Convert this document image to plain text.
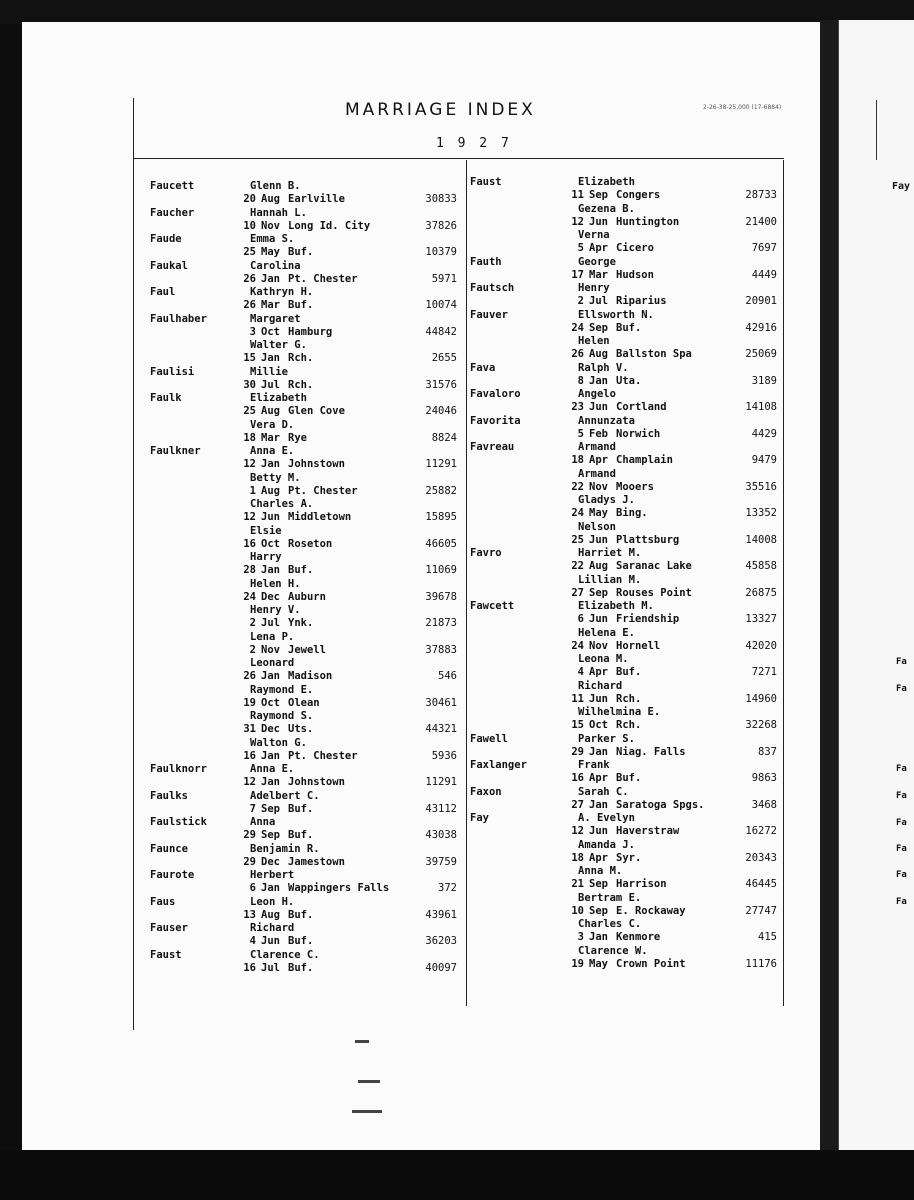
MARRIAGE INDEX	2-26-38-25,000 (17-6884)
1 9 2 7
Faucett	Glenn B.
20 Aug Earlville	30833
Faucher	Hannah L.
10 Nov Long Id. City	37826
Faude	Emma S.
25 May Buf.	10379
Faukal	Carolina
26 Jan Pt. Chester	5971
Faul	Kathryn H.
26 Mar Buf.	10074
Faulhaber	Margaret
3 Oct Hamburg	44842
Walter G.
15 Jan Rch.	2655
Faulisi	Millie
30 Jul Rch.	31576
Faulk	Elizabeth
25 Aug Glen Cove	24046
Vera D.
18 Mar Rye	8824
Faulkner	Anna E.
12 Jan Johnstown	11291
Betty M.
1 Aug Pt. Chester	25882
Charles A.
12 Jun Middletown	15895
Elsie
16 Oct Roseton	46605
Harry
28 Jan Buf.	11069
Helen H.
24 Dec Auburn	39678
Henry V.
2 Jul Ynk.	21873
Lena P.
2 Nov Jewell	37883
Leonard
26 Jan Madison	546
Raymond E.
19 Oct Olean	30461
Raymond S.
31 Dec Uts.	44321
Walton G.
16 Jan Pt. Chester	5936
Faulknorr	Anna E.
12 Jan Johnstown	11291
Faulks	Adelbert C.
7 Sep Buf.	43112
Faulstick	Anna
29 Sep Buf.	43038
Faunce	Benjamin R.
29 Dec Jamestown	39759
Faurote	Herbert
6 Jan Wappingers Falls	372
Faus	Leon H.
13 Aug Buf.	43961
Fauser	Richard
4 Jun Buf.	36203
Faust	Clarence C.
16 Jul Buf.	40097
Faust	Elizabeth
11 Sep Congers	28733
Gezena B.
12 Jun Huntington	21400
Verna
5 Apr Cicero	7697
Fauth	George
17 Mar Hudson	4449
Fautsch	Henry
2 Jul Riparius	20901
Fauver	Ellsworth N.
24 Sep Buf.	42916
Helen
26 Aug Ballston Spa	25069
Fava	Ralph V.
8 Jan Uta.	3189
Favaloro	Angelo
23 Jun Cortland	14108
Favorita	Annunzata
5 Feb Norwich	4429
Favreau	Armand
18 Apr Champlain	9479
Armand
22 Nov Mooers	35516
Gladys J.
24 May Bing.	13352
Nelson
25 Jun Plattsburg	14008
Favro	Harriet M.
22 Aug Saranac Lake	45858
Lillian M.
27 Sep Rouses Point	26875
Fawcett	Elizabeth M.
6 Jun Friendship	13327
Helena E.
24 Nov Hornell	42020
Leona M.
4 Apr Buf.	7271
Richard
11 Jun Rch.	14960
Wilhelmina E.
15 Oct Rch.	32268
Fawell	Parker S.
29 Jan Niag. Falls	837
Faxlanger	Frank
16 Apr Buf.	9863
Faxon	Sarah C.
27 Jan Saratoga Spgs.	3468
Fay	A. Evelyn
12 Jun Haverstraw	16272
Amanda J.
18 Apr Syr.	20343
Anna M.
21 Sep Harrison	46445
Bertram E.
10 Sep E. Rockaway	27747
Charles C.
3 Jan Kenmore	415
Clarence W.
19 May Crown Point	11176
Fay
Fa
Fa
Fa
Fa
Fa
Fa
Fa
Fa
